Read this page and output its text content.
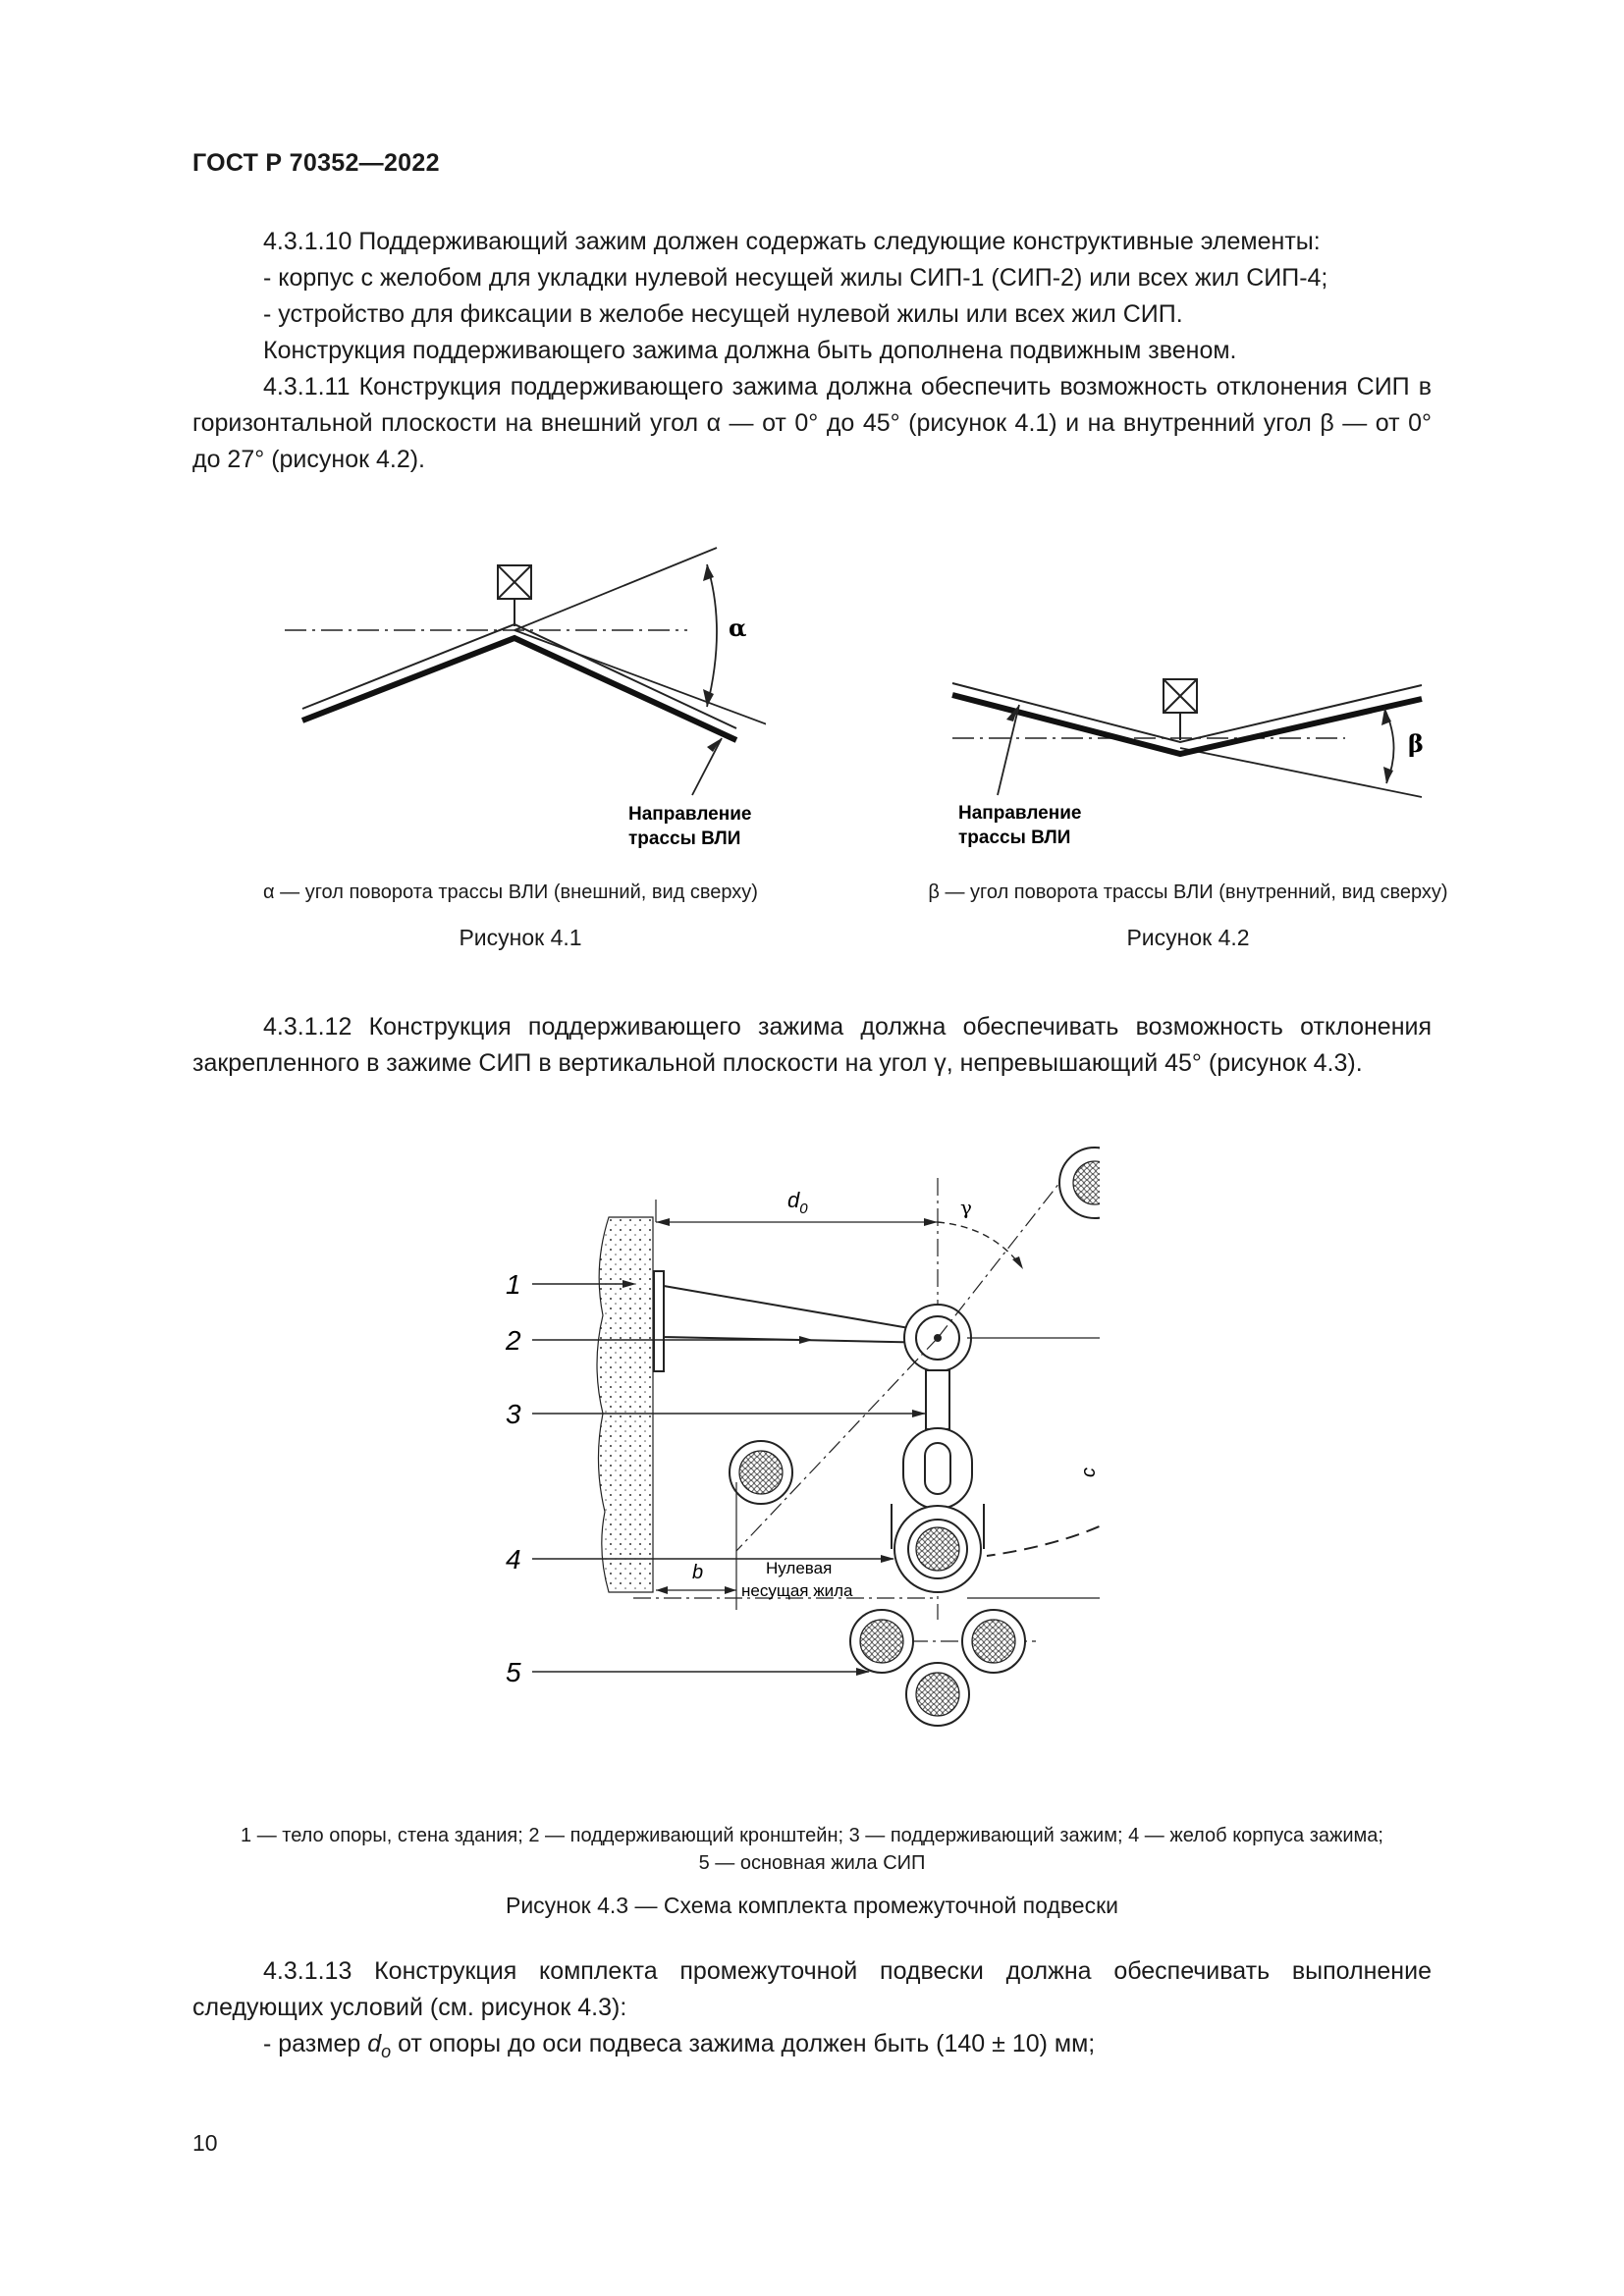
ГОСТ Р 70352—2022

4.3.1.10 Поддерживающий зажим должен содержать следующие конструктивные элементы:

- корпус с желобом для укладки нулевой несущей жилы СИП-1 (СИП-2) или всех жил СИП-4;

- устройство для фиксации в желобе несущей нулевой жилы или всех жил СИП.

Конструкция поддерживающего зажима должна быть дополнена подвижным звеном.

4.3.1.11 Конструкция поддерживающего зажима должна обеспечить возможность отклонения СИП в горизонтальной плоскости на внешний угол α — от 0° до 45° (рисунок 4.1) и на внутренний угол β — от 0° до 27° (рисунок 4.2).

α
Направление
трассы ВЛИ
β
Направление
трассы ВЛИ
α — угол поворота трассы ВЛИ (внешний, вид сверху)	β — угол поворота трассы ВЛИ (внутренний, вид сверху)
Рисунок 4.1	Рисунок 4.2

4.3.1.12 Конструкция поддерживающего зажима должна обеспечивать возможность отклонения закрепленного в зажиме СИП в вертикальной плоскости на угол γ, непревышающий 45° (рисунок 4.3).

$d_0$	γ
c
b	Нулевая
несущая жила
1
2
3
4
5
1 — тело опоры, стена здания; 2 — поддерживающий кронштейн; 3 — поддерживающий зажим; 4 — желоб корпуса зажима;
5 — основная жила СИП
Рисунок 4.3 — Схема комплекта промежуточной подвески

4.3.1.13 Конструкция комплекта промежуточной подвески должна обеспечивать выполнение следующих условий (см. рисунок 4.3):

- размер $d_o$ от опоры до оси подвеса зажима должен быть (140 ± 10) мм;

10
